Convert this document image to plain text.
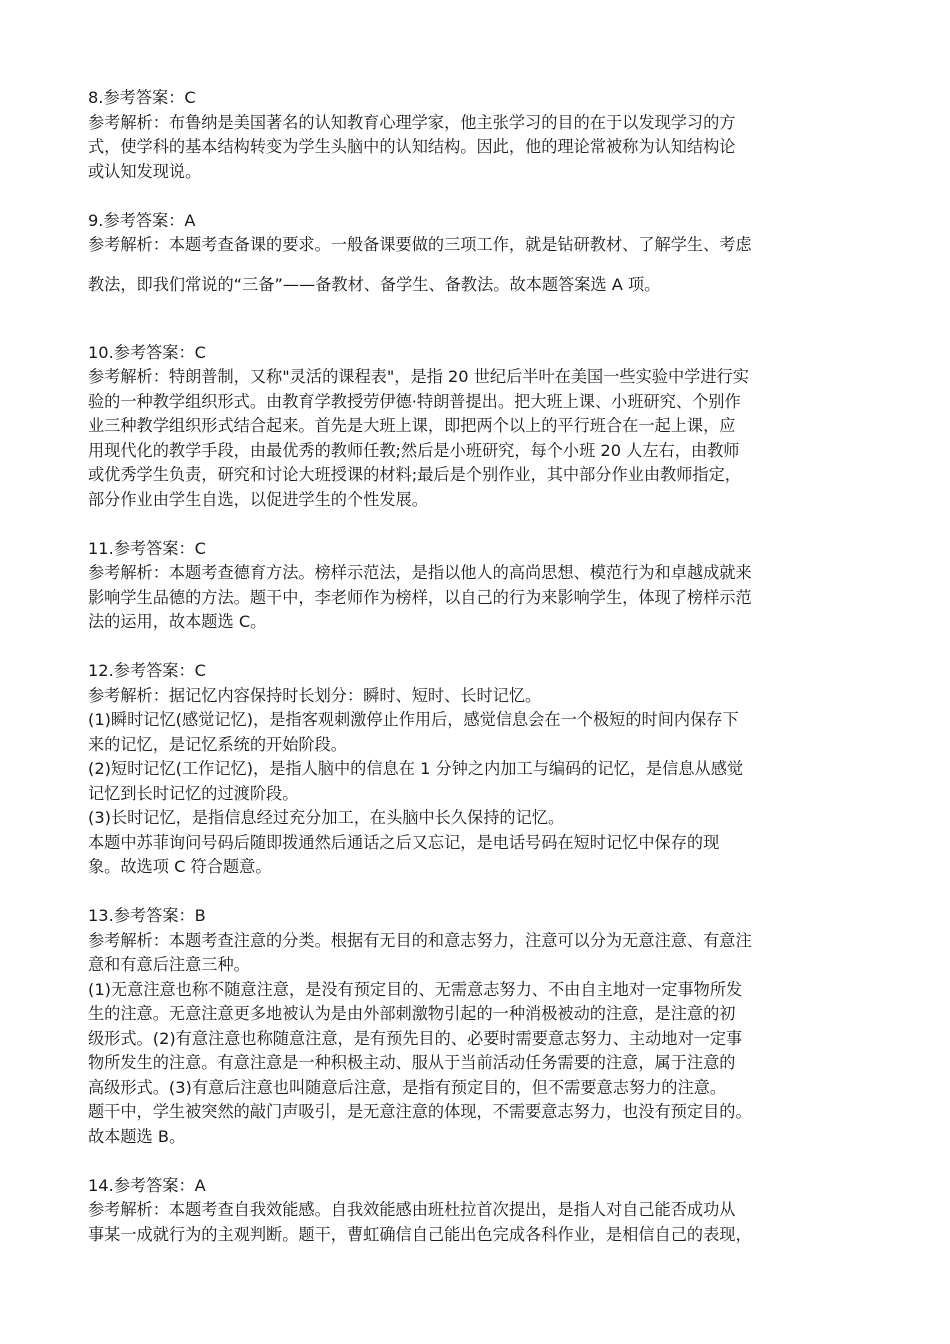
8.参考答案：C
参考解析：布鲁纳是美国著名的认知教育心理学家，他主张学习的目的在于以发现学习的方
式，使学科的基本结构转变为学生头脑中的认知结构。因此，他的理论常被称为认知结构论
或认知发现说。
9.参考答案：A
参考解析：本题考查备课的要求。一般备课要做的三项工作，就是钻研教材、了解学生、考虑
教法，即我们常说的“三备”——备教材、备学生、备教法。故本题答案选 A 项。
10.参考答案：C
参考解析：特朗普制，又称"灵活的课程表"，是指 20 世纪后半叶在美国一些实验中学进行实
验的一种教学组织形式。由教育学教授劳伊德·特朗普提出。把大班上课、小班研究、个别作
业三种教学组织形式结合起来。首先是大班上课，即把两个以上的平行班合在一起上课，应
用现代化的教学手段，由最优秀的教师任教;然后是小班研究，每个小班 20 人左右，由教师
或优秀学生负责，研究和讨论大班授课的材料;最后是个别作业，其中部分作业由教师指定，
部分作业由学生自选，以促进学生的个性发展。
11.参考答案：C
参考解析：本题考查德育方法。榜样示范法，是指以他人的高尚思想、模范行为和卓越成就来
影响学生品德的方法。题干中，李老师作为榜样，以自己的行为来影响学生，体现了榜样示范
法的运用，故本题选 C。
12.参考答案：C
参考解析：据记忆内容保持时长划分：瞬时、短时、长时记忆。
(1)瞬时记忆(感觉记忆)，是指客观刺激停止作用后，感觉信息会在一个极短的时间内保存下
来的记忆，是记忆系统的开始阶段。
(2)短时记忆(工作记忆)，是指人脑中的信息在 1 分钟之内加工与编码的记忆，是信息从感觉
记忆到长时记忆的过渡阶段。
(3)长时记忆，是指信息经过充分加工，在头脑中长久保持的记忆。
本题中苏菲询问号码后随即拨通然后通话之后又忘记，是电话号码在短时记忆中保存的现
象。故选项 C 符合题意。
13.参考答案：B
参考解析：本题考查注意的分类。根据有无目的和意志努力，注意可以分为无意注意、有意注
意和有意后注意三种。
(1)无意注意也称不随意注意，是没有预定目的、无需意志努力、不由自主地对一定事物所发
生的注意。无意注意更多地被认为是由外部刺激物引起的一种消极被动的注意，是注意的初
级形式。(2)有意注意也称随意注意，是有预先目的、必要时需要意志努力、主动地对一定事
物所发生的注意。有意注意是一种积极主动、服从于当前活动任务需要的注意，属于注意的
高级形式。(3)有意后注意也叫随意后注意，是指有预定目的，但不需要意志努力的注意。
题干中，学生被突然的敲门声吸引，是无意注意的体现，不需要意志努力，也没有预定目的。
故本题选 B。
14.参考答案：A
参考解析：本题考查自我效能感。自我效能感由班杜拉首次提出，是指人对自己能否成功从
事某一成就行为的主观判断。题干，曹虹确信自己能出色完成各科作业，是相信自己的表现，
